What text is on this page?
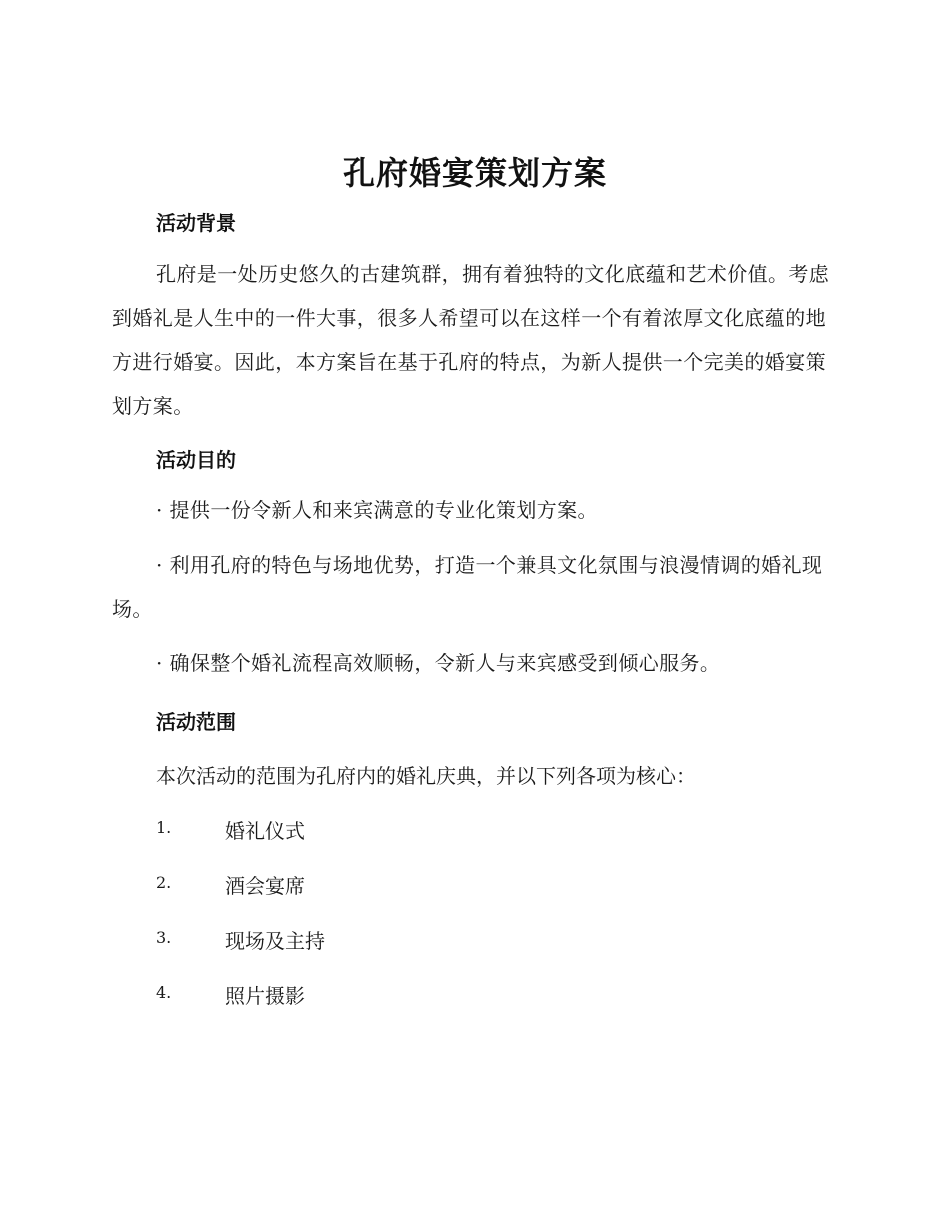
孔府婚宴策划方案
活动背景
孔府是一处历史悠久的古建筑群，拥有着独特的文化底蕴和艺术价值。考虑到婚礼是人生中的一件大事，很多人希望可以在这样一个有着浓厚文化底蕴的地方进行婚宴。因此，本方案旨在基于孔府的特点，为新人提供一个完美的婚宴策划方案。
活动目的
· 提供一份令新人和来宾满意的专业化策划方案。
· 利用孔府的特色与场地优势，打造一个兼具文化氛围与浪漫情调的婚礼现场。
· 确保整个婚礼流程高效顺畅，令新人与来宾感受到倾心服务。
活动范围
本次活动的范围为孔府内的婚礼庆典，并以下列各项为核心：
1.	婚礼仪式
2.	酒会宴席
3.	现场及主持
4.	照片摄影
